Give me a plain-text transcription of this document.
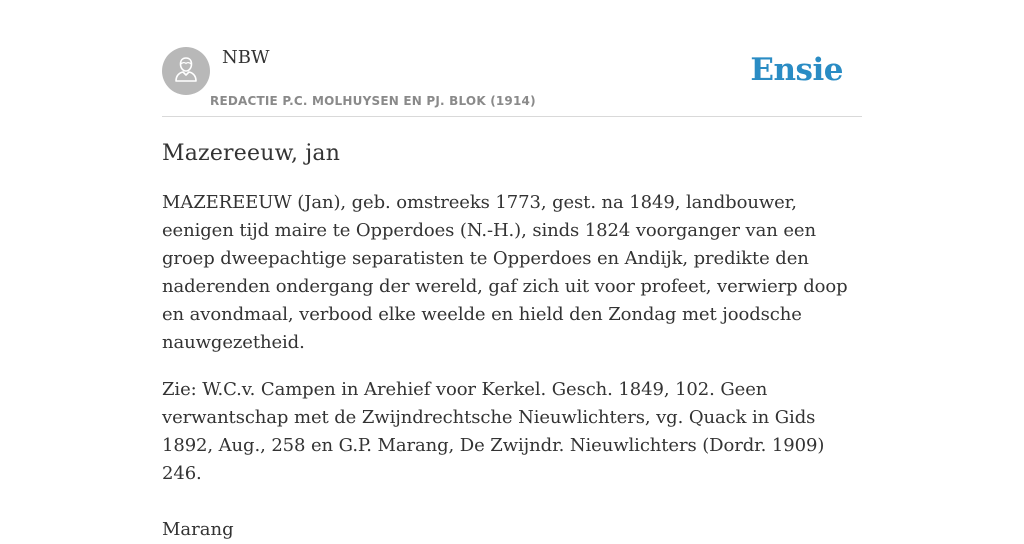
NBW
REDACTIE P.C. MOLHUYSEN EN PJ. BLOK (1914)
Ensie
Mazereeuw, jan

MAZEREEUW (Jan), geb. omstreeks 1773, gest. na 1849, landbouwer, eenigen tijd maire te Opperdoes (N.-H.), sinds 1824 voorganger van een groep dweepachtige separatisten te Opperdoes en Andijk, predikte den naderenden ondergang der wereld, gaf zich uit voor profeet, verwierp doop en avondmaal, verbood elke weelde en hield den Zondag met joodsche nauwgezetheid.

Zie: W.C.v. Campen in Arehief voor Kerkel. Gesch. 1849, 102. Geen verwantschap met de Zwijndrechtsche Nieuwlichters, vg. Quack in Gids 1892, Aug., 258 en G.P. Marang, De Zwijndr. Nieuwlichters (Dordr. 1909) 246.

Marang
